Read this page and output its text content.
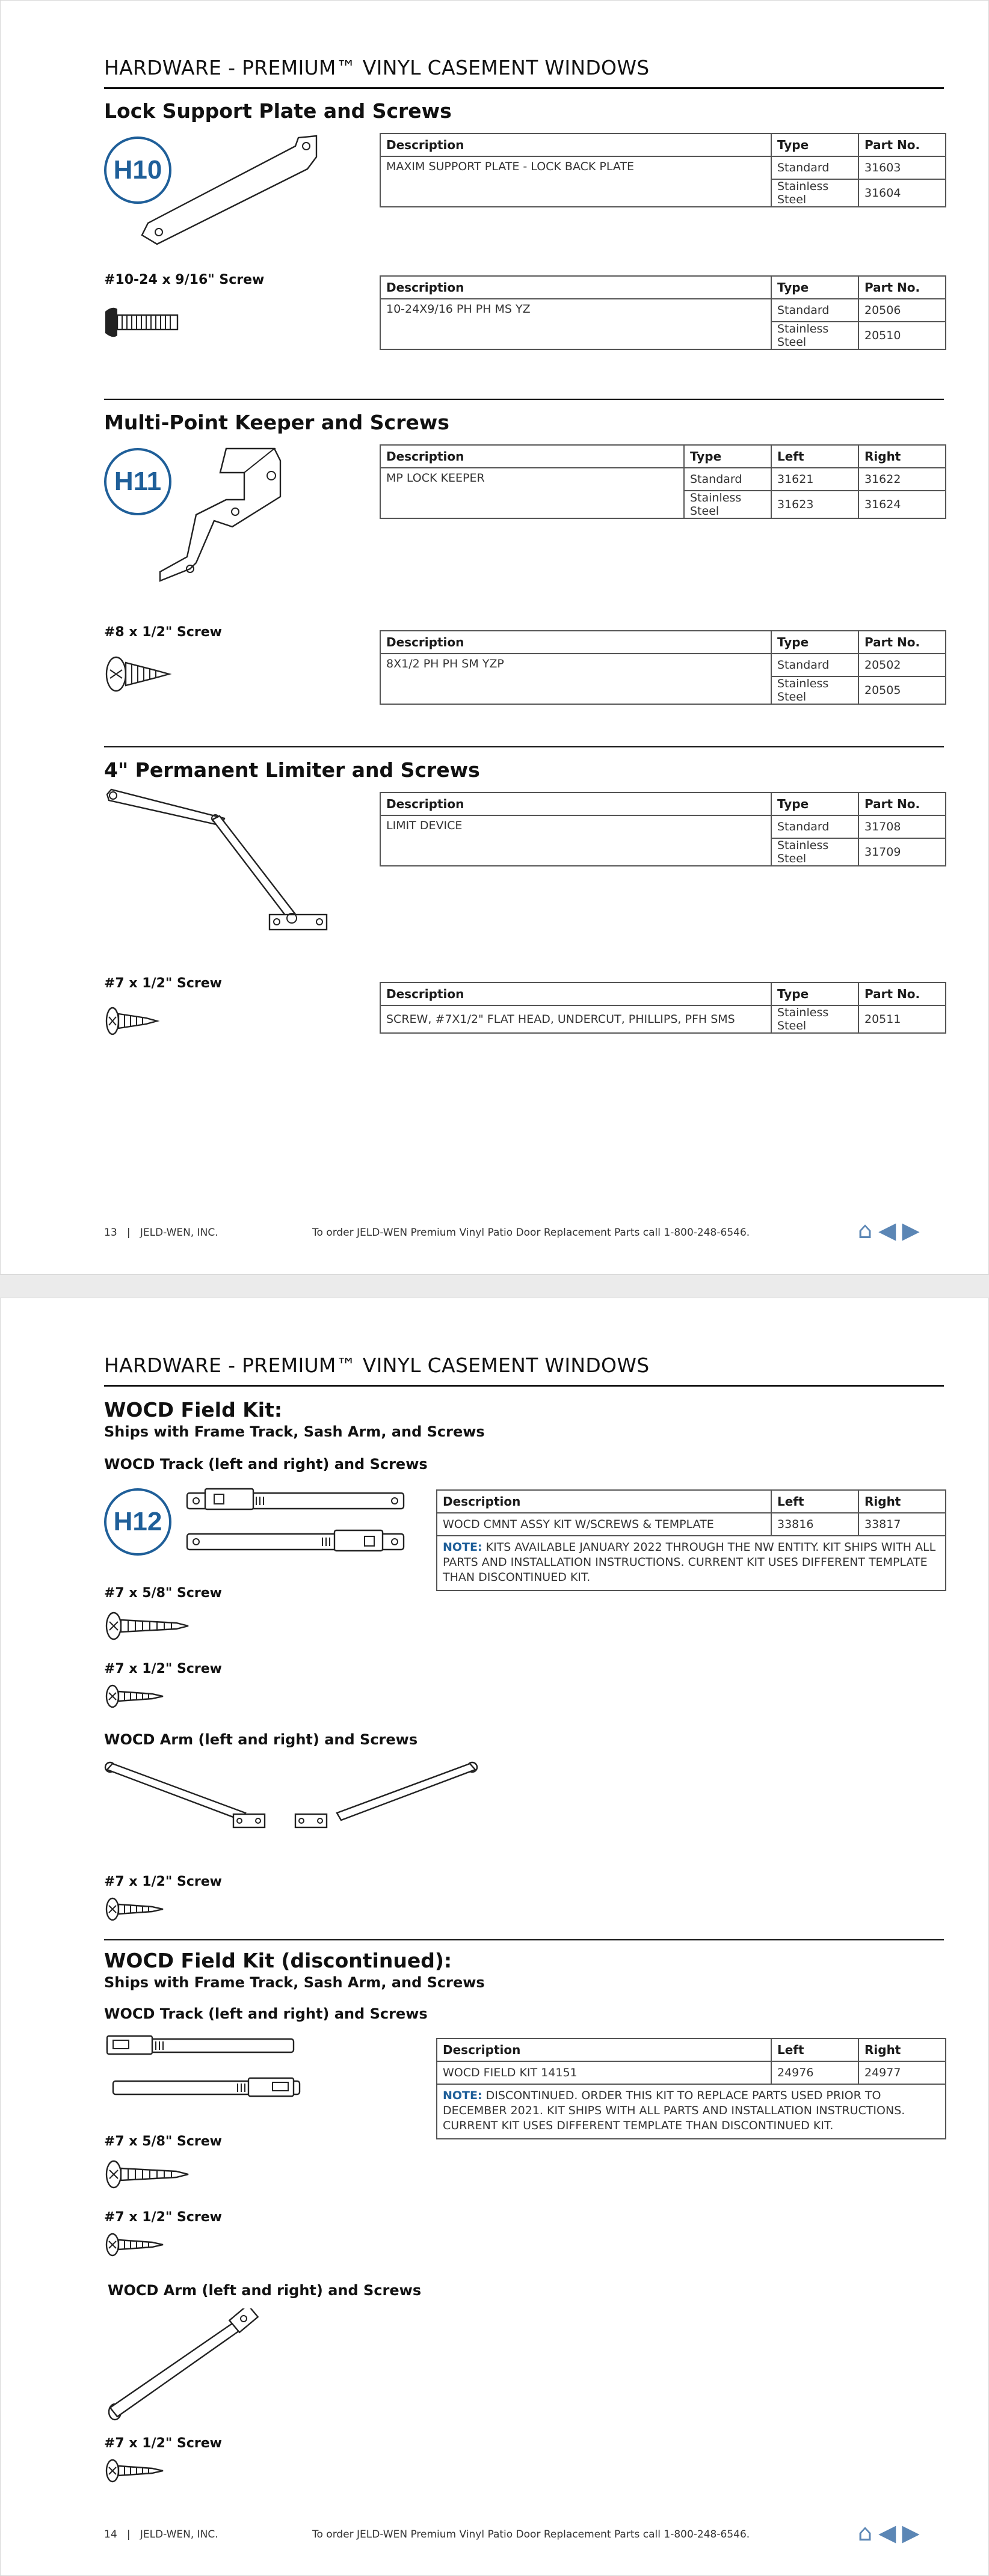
HARDWARE - PREMIUM™ VINYL CASEMENT WINDOWS
Lock Support Plate and Screws
H10
Description	Type	Part No.
MAXIM SUPPORT PLATE - LOCK BACK PLATE	Standard	31603
	Stainless Steel	31604
#10-24 x 9/16" Screw	Description	Type	Part No.
10-24X9/16 PH PH MS YZ	Standard	20506
	Stainless Steel	20510
Multi-Point Keeper and Screws
H11
Description	Type	Left	Right
MP LOCK KEEPER	Standard	31621	31622
	Stainless Steel	31623	31624
#8 x 1/2" Screw
Description	Type	Part No.
8X1/2 PH PH SM YZP	Standard	20502
	Stainless Steel	20505
4" Permanent Limiter and Screws
Description	Type	Part No.
LIMIT DEVICE	Standard	31708
	Stainless Steel	31709
#7 x 1/2" Screw
Description	Type	Part No.
SCREW, #7X1/2" FLAT HEAD, UNDERCUT, PHILLIPS, PFH SMS	Stainless Steel	20511
13 | JELD-WEN, INC.	To order JELD-WEN Premium Vinyl Patio Door Replacement Parts call 1-800-248-6546.	⌂ ◀ ▶
HARDWARE - PREMIUM™ VINYL CASEMENT WINDOWS
WOCD Field Kit:
Ships with Frame Track, Sash Arm, and Screws
WOCD Track (left and right) and Screws
H12
Description	Left	Right
WOCD CMNT ASSY KIT W/SCREWS & TEMPLATE	33816	33817
NOTE: KITS AVAILABLE JANUARY 2022 THROUGH THE NW ENTITY. KIT SHIPS WITH ALL PARTS AND INSTALLATION INSTRUCTIONS. CURRENT KIT USES DIFFERENT TEMPLATE THAN DISCONTINUED KIT.		
#7 x 5/8" Screw
#7 x 1/2" Screw
WOCD Arm (left and right) and Screws
#7 x 1/2" Screw
WOCD Field Kit (discontinued):
Ships with Frame Track, Sash Arm, and Screws
WOCD Track (left and right) and Screws
Description	Left	Right
WOCD FIELD KIT 14151	24976	24977
NOTE: DISCONTINUED. ORDER THIS KIT TO REPLACE PARTS USED PRIOR TO DECEMBER 2021. KIT SHIPS WITH ALL PARTS AND INSTALLATION INSTRUCTIONS. CURRENT KIT USES DIFFERENT TEMPLATE THAN DISCONTINUED KIT.		
#7 x 5/8" Screw
#7 x 1/2" Screw
WOCD Arm (left and right) and Screws
#7 x 1/2" Screw
14 | JELD-WEN, INC.	To order JELD-WEN Premium Vinyl Patio Door Replacement Parts call 1-800-248-6546.	⌂ ◀ ▶
